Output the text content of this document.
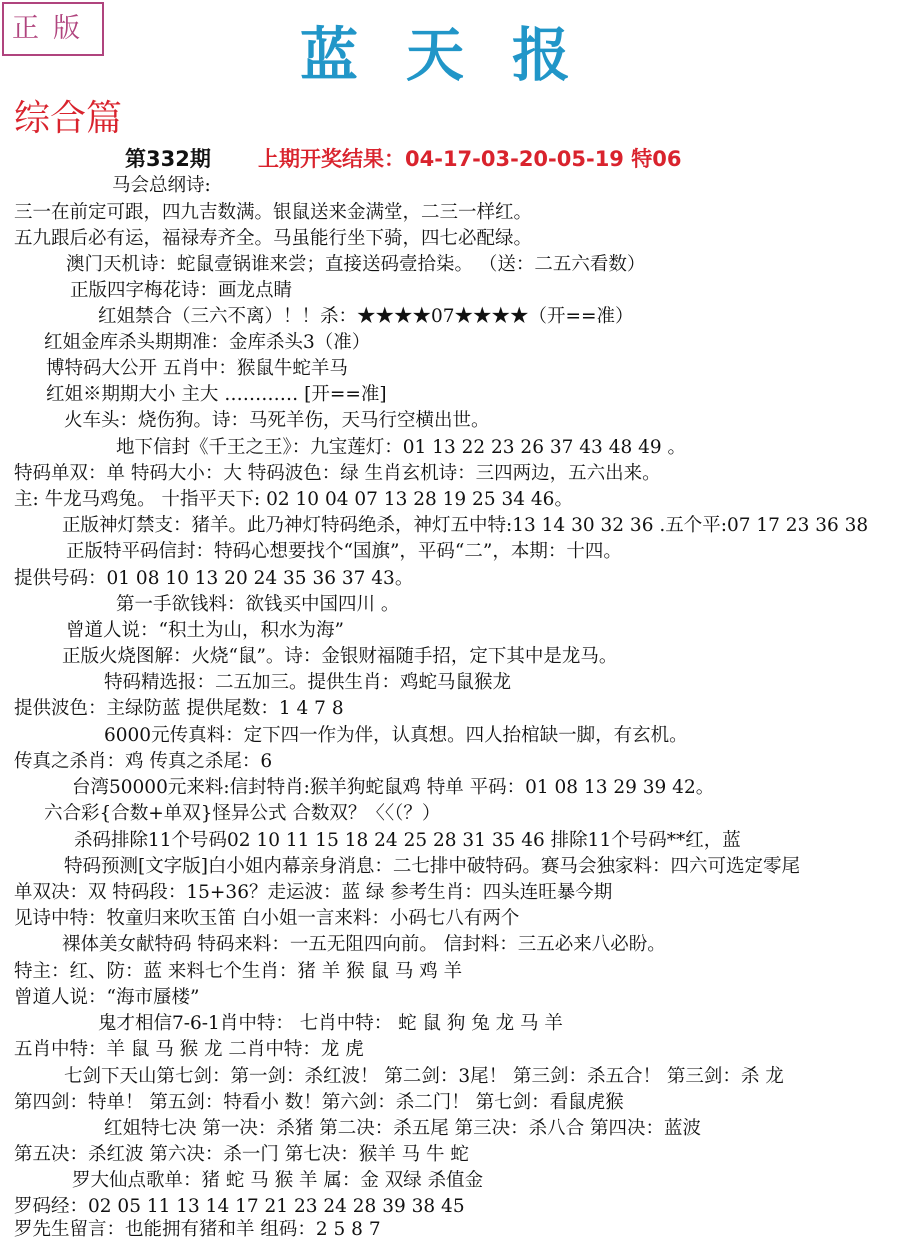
正版	蓝天报
综合篇
第332期 上期开奖结果：04-17-03-20-05-19 特06
马会总纲诗:
三一在前定可跟，四九吉数满。银鼠送来金满堂，二三一样红。
五九跟后必有运，福禄寿齐全。马虽能行坐下骑，四七必配绿。
澳门天机诗：蛇鼠壹锅谁来尝；直接送码壹拾柒。 （送：二五六看数）
正版四字梅花诗：画龙点睛
红姐禁合（三六不离）！！杀：★★★★07★★★★（开==准）
红姐金库杀头期期准：金库杀头3（准）
博特码大公开 五肖中：猴鼠牛蛇羊马
红姐※期期大小 主大 ………… [开==准]
火车头：烧伤狗。诗：马死羊伤，天马行空横出世。
地下信封《千王之王》：九宝莲灯：01 13 22 23 26 37 43 48 49 。
特码单双：单 特码大小：大 特码波色：绿 生肖玄机诗：三四两边，五六出来。
主: 牛龙马鸡兔。 十指平天下: 02 10 04 07 13 28 19 25 34 46。
正版神灯禁支：猪羊。此乃神灯特码绝杀，神灯五中特:13 14 30 32 36 .五个平:07 17 23 36 38
正版特平码信封：特码心想要找个“国旗”，平码“二”，本期：十四。
提供号码：01 08 10 13 20 24 35 36 37 43。
第一手欲钱料：欲钱买中国四川 。
曾道人说：“积土为山，积水为海”
正版火烧图解：火烧“鼠”。诗：金银财福随手招，定下其中是龙马。
特码精选报：二五加三。提供生肖：鸡蛇马鼠猴龙
提供波色：主绿防蓝 提供尾数：1 4 7 8
6000元传真料：定下四一作为伴，认真想。四人抬棺缺一脚，有玄机。
传真之杀肖：鸡 传真之杀尾：6
台湾50000元来料:信封特肖:猴羊狗蛇鼠鸡 特单 平码：01 08 13 29 39 42。
六合彩{合数+单双}怪异公式 合数双？〈〈（？）
杀码排除11个号码02 10 11 15 18 24 25 28 31 35 46 排除11个号码**红，蓝
特码预测[文字版]白小姐内幕亲身消息：二七排中破特码。赛马会独家料：四六可选定零尾
单双决：双 特码段：15+36？走运波：蓝 绿 参考生肖：四头连旺暴今期
见诗中特：牧童归来吹玉笛 白小姐一言来料：小码七八有两个
裸体美女献特码 特码来料：一五无阻四向前。 信封料：三五必来八必盼。
特主：红、防：蓝 来料七个生肖：猪 羊 猴 鼠 马 鸡 羊
曾道人说：“海市蜃楼”
鬼才相信7-6-1肖中特： 七肖中特： 蛇 鼠 狗 兔 龙 马 羊
五肖中特：羊 鼠 马 猴 龙 二肖中特：龙 虎
七剑下天山第七剑：第一剑：杀红波！ 第二剑：3尾！ 第三剑：杀五合！ 第三剑：杀 龙
第四剑：特单！ 第五剑：特看小 数！第六剑：杀二门！ 第七剑：看鼠虎猴
红姐特七决 第一决：杀猪 第二决：杀五尾 第三决：杀八合 第四决：蓝波
第五决：杀红波 第六决：杀一门 第七决：猴羊 马 牛 蛇
罗大仙点歌单：猪 蛇 马 猴 羊 属：金 双绿 杀值金
罗码经：02 05 11 13 14 17 21 23 24 28 39 38 45
罗先生留言：也能拥有猪和羊 组码：2 5 8 7
